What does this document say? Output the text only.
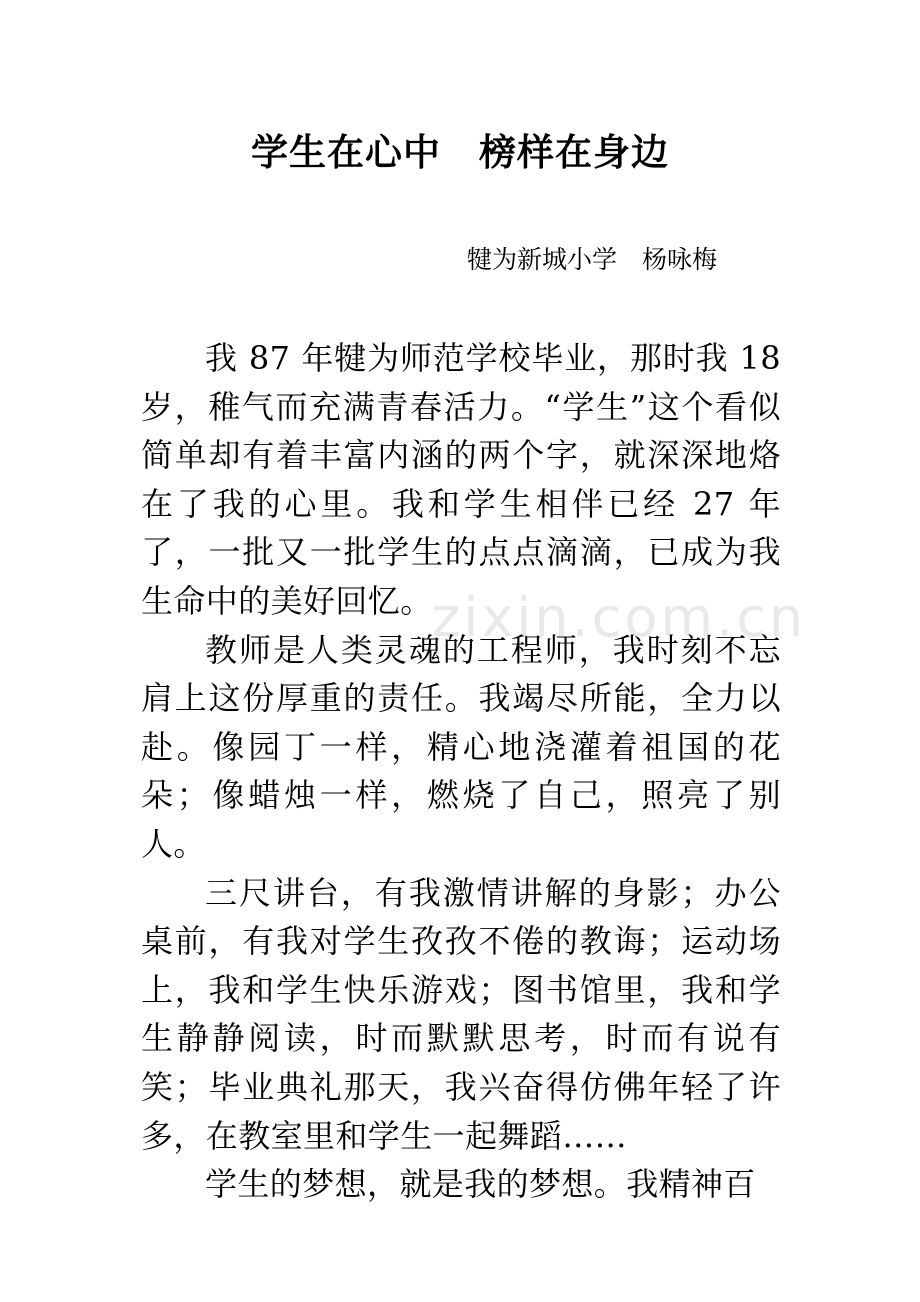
zixin.com.cn

学生在心中　榜样在身边

犍为新城小学　杨咏梅

我 87 年犍为师范学校毕业，那时我 18 岁，稚气而充满青春活力。“学生”这个看似简单却有着丰富内涵的两个字，就深深地烙在了我的心里。我和学生相伴已经 27 年了，一批又一批学生的点点滴滴，已成为我生命中的美好回忆。

教师是人类灵魂的工程师，我时刻不忘肩上这份厚重的责任。我竭尽所能，全力以赴。像园丁一样，精心地浇灌着祖国的花朵；像蜡烛一样，燃烧了自己，照亮了别人。

三尺讲台，有我激情讲解的身影；办公桌前，有我对学生孜孜不倦的教诲；运动场上，我和学生快乐游戏；图书馆里，我和学生静静阅读，时而默默思考，时而有说有笑；毕业典礼那天，我兴奋得仿佛年轻了许多，在教室里和学生一起舞蹈……

学生的梦想，就是我的梦想。我精神百
